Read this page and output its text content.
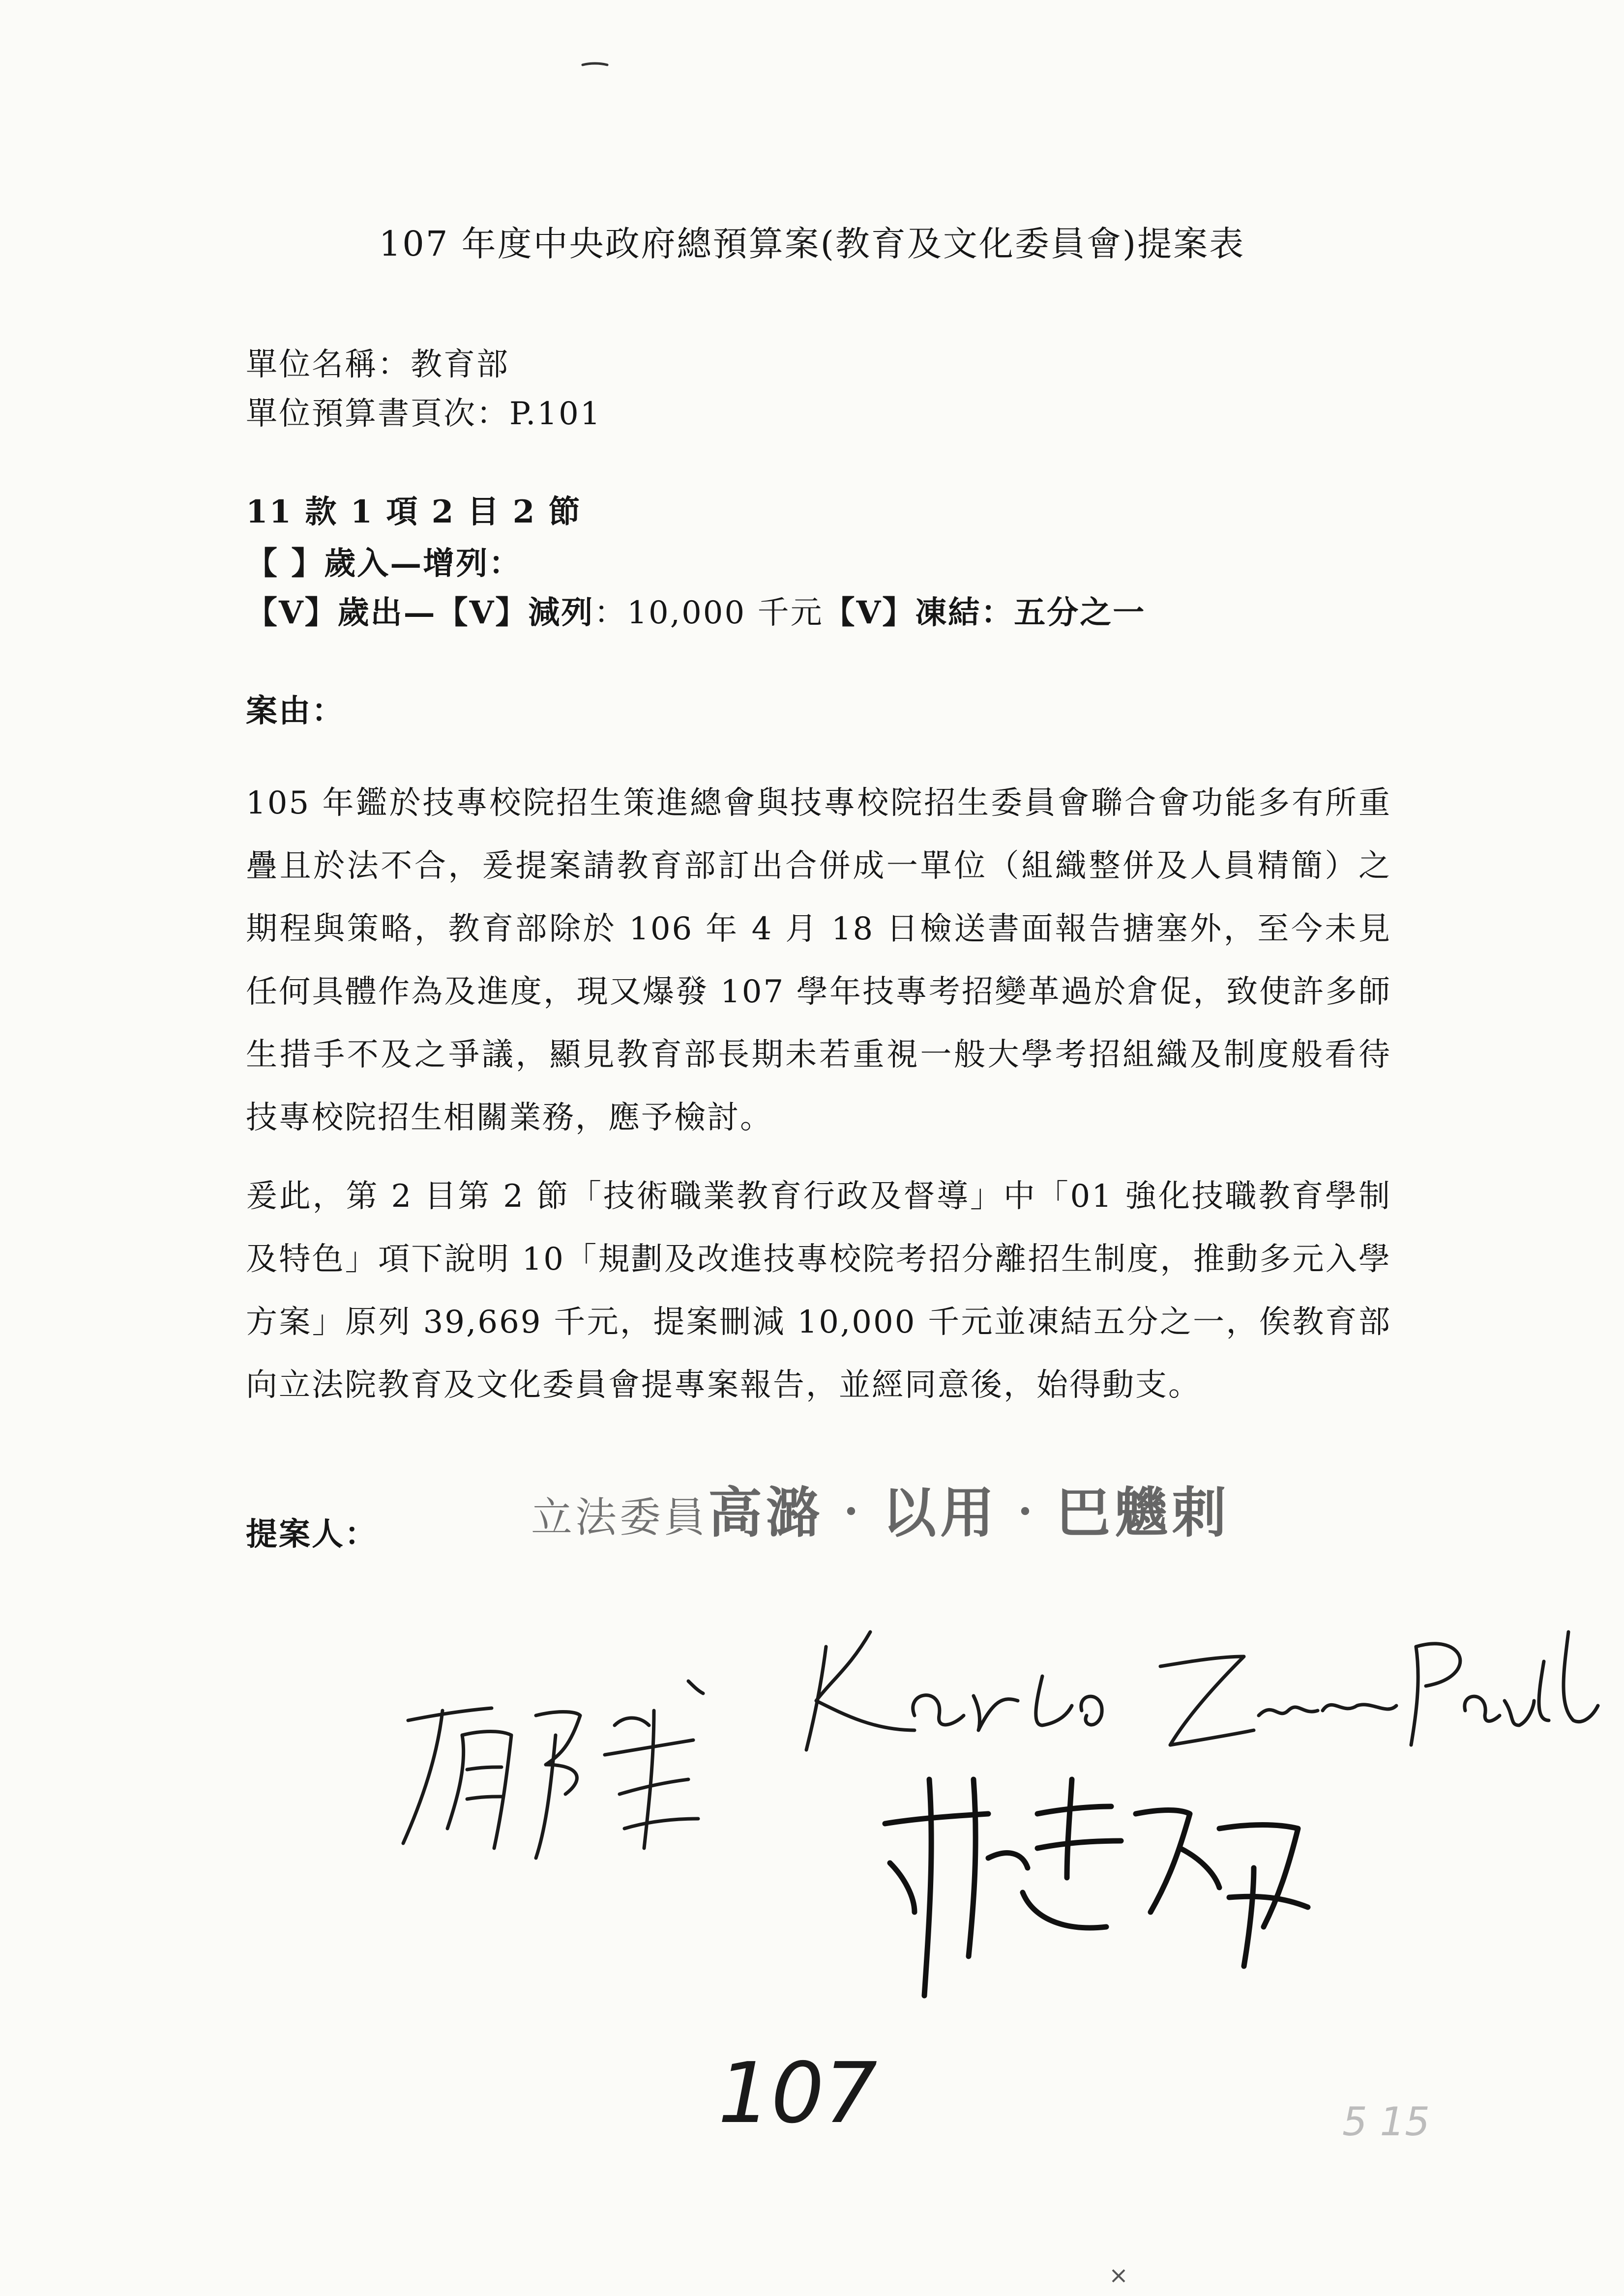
107 年度中央政府總預算案(教育及文化委員會)提案表
單位名稱：教育部
單位預算書頁次：P.101
11 款 1 項 2 目 2 節
【 】歲入—增列：
【V】歲出—【V】減列：10,000 千元【V】凍結：五分之一
案由：
105 年鑑於技專校院招生策進總會與技專校院招生委員會聯合會功能多有所重疊且於法不合，爰提案請教育部訂出合併成一單位（組織整併及人員精簡）之期程與策略，教育部除於 106 年 4 月 18 日檢送書面報告搪塞外，至今未見任何具體作為及進度，現又爆發 107 學年技專考招變革過於倉促，致使許多師生措手不及之爭議，顯見教育部長期未若重視一般大學考招組織及制度般看待技專校院招生相關業務，應予檢討。
爰此，第 2 目第 2 節「技術職業教育行政及督導」中「01 強化技職教育學制及特色」項下說明 10「規劃及改進技專校院考招分離招生制度，推動多元入學方案」原列 39,669 千元，提案刪減 10,000 千元並凍結五分之一，俟教育部向立法院教育及文化委員會提專案報告，並經同意後，始得動支。
提案人：	立法委員高潞‧以用‧巴魕剌
107	5 15
